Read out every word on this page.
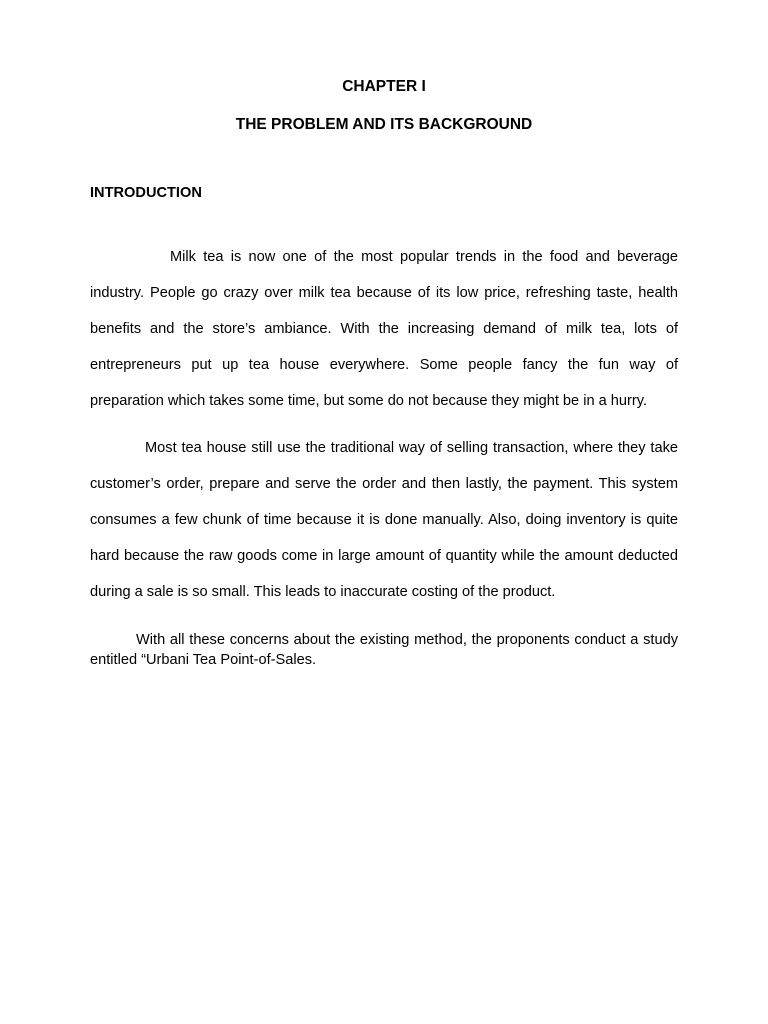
CHAPTER I
THE PROBLEM AND ITS BACKGROUND
INTRODUCTION

Milk tea is now one of the most popular trends in the food and beverage industry. People go crazy over milk tea because of its low price, refreshing taste, health benefits and the store’s ambiance. With the increasing demand of milk tea, lots of entrepreneurs put up tea house everywhere. Some people fancy the fun way of preparation which takes some time, but some do not because they might be in a hurry.

Most tea house still use the traditional way of selling transaction, where they take customer’s order, prepare and serve the order and then lastly, the payment. This system consumes a few chunk of time because it is done manually. Also, doing inventory is quite hard because the raw goods come in large amount of quantity while the amount deducted during a sale is so small. This leads to inaccurate costing of the product.

With all these concerns about the existing method, the proponents conduct a study entitled “Urbani Tea Point-of-Sales.
